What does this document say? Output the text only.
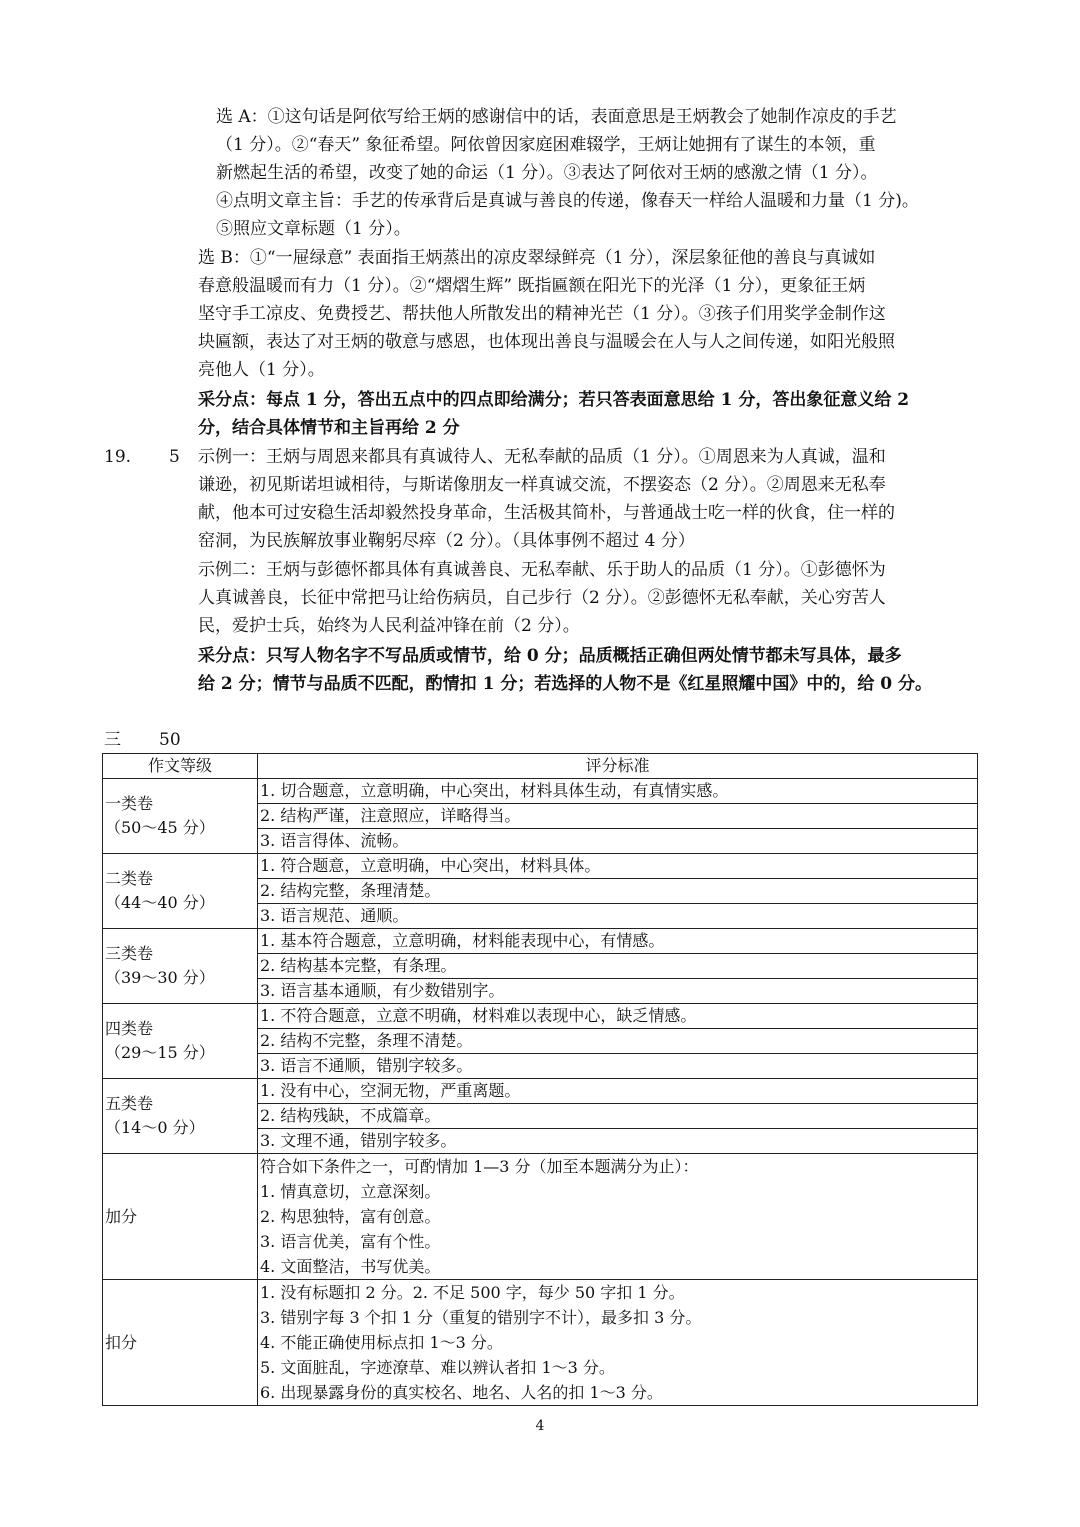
选 A：①这句话是阿依写给王炳的感谢信中的话，表面意思是王炳教会了她制作凉皮的手艺
（1 分）。②“春天” 象征希望。阿依曾因家庭困难辍学，王炳让她拥有了谋生的本领，重
新燃起生活的希望，改变了她的命运（1 分）。③表达了阿依对王炳的感激之情（1 分）。
④点明文章主旨：手艺的传承背后是真诚与善良的传递，像春天一样给人温暖和力量（1 分)。
⑤照应文章标题（1 分）。
选 B：①“一屉绿意” 表面指王炳蒸出的凉皮翠绿鲜亮（1 分），深层象征他的善良与真诚如
春意般温暖而有力（1 分）。②“熠熠生辉” 既指匾额在阳光下的光泽（1 分），更象征王炳
坚守手工凉皮、免费授艺、帮扶他人所散发出的精神光芒（1 分）。③孩子们用奖学金制作这
块匾额，表达了对王炳的敬意与感恩，也体现出善良与温暖会在人与人之间传递，如阳光般照
亮他人（1 分）。
采分点：每点 1 分，答出五点中的四点即给满分；若只答表面意思给 1 分，答出象征意义给 2
分，结合具体情节和主旨再给 2 分
19. 5 示例一：王炳与周恩来都具有真诚待人、无私奉献的品质（1 分）。①周恩来为人真诚，温和
谦逊，初见斯诺坦诚相待，与斯诺像朋友一样真诚交流，不摆姿态（2 分）。②周恩来无私奉
献，他本可过安稳生活却毅然投身革命，生活极其简朴，与普通战士吃一样的伙食，住一样的
窑洞，为民族解放事业鞠躬尽瘁（2 分）。（具体事例不超过 4 分）
示例二：王炳与彭德怀都具体有真诚善良、无私奉献、乐于助人的品质（1 分）。①彭德怀为
人真诚善良，长征中常把马让给伤病员，自己步行（2 分）。②彭德怀无私奉献，关心穷苦人
民，爱护士兵，始终为人民利益冲锋在前（2 分）。
采分点：只写人物名字不写品质或情节，给 0 分；品质概括正确但两处情节都未写具体，最多
给 2 分；情节与品质不匹配，酌情扣 1 分；若选择的人物不是《红星照耀中国》中的，给 0 分。
三 50
作文等级	评分标准

一类卷
（50～45 分）	1. 切合题意，立意明确，中心突出，材料具体生动，有真情实感。
	2. 结构严谨，注意照应，详略得当。
	3. 语言得体、流畅。

二类卷
（44～40 分）	1. 符合题意，立意明确，中心突出，材料具体。
	2. 结构完整，条理清楚。
	3. 语言规范、通顺。

三类卷
（39～30 分）	1. 基本符合题意，立意明确，材料能表现中心，有情感。
	2. 结构基本完整，有条理。
	3. 语言基本通顺，有少数错别字。

四类卷
（29～15 分）	1. 不符合题意，立意不明确，材料难以表现中心，缺乏情感。
	2. 结构不完整，条理不清楚。
	3. 语言不通顺，错别字较多。

五类卷
（14～0 分）	1. 没有中心，空洞无物，严重离题。
	2. 结构残缺，不成篇章。
	3. 文理不通，错别字较多。
加分	符合如下条件之一，可酌情加 1—3 分（加至本题满分为止）：
1. 情真意切，立意深刻。
2. 构思独特，富有创意。
3. 语言优美，富有个性。
4. 文面整洁，书写优美。

扣分	1. 没有标题扣 2 分。2. 不足 500 字，每少 50 字扣 1 分。
3. 错别字每 3 个扣 1 分（重复的错别字不计），最多扣 3 分。
4. 不能正确使用标点扣 1～3 分。
5. 文面脏乱，字迹潦草、难以辨认者扣 1～3 分。
6. 出现暴露身份的真实校名、地名、人名的扣 1～3 分。
4
